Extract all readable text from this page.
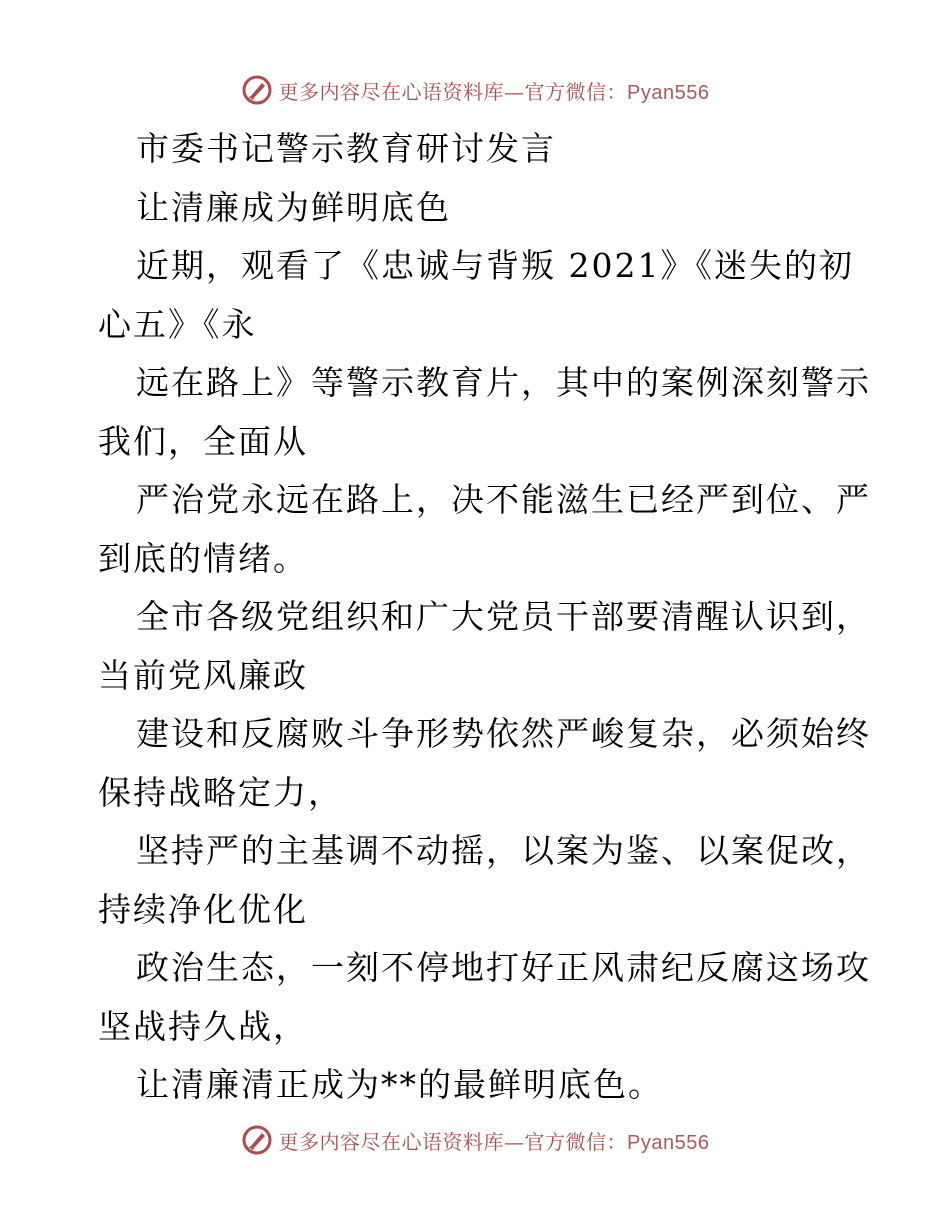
更多内容尽在心语资料库—官方微信：Pyan556
市委书记警示教育研讨发言
让清廉成为鲜明底色
近期，观看了《忠诚与背叛 2021》《迷失的初
心五》《永
远在路上》等警示教育片，其中的案例深刻警示
我们，全面从
严治党永远在路上，决不能滋生已经严到位、严
到底的情绪。
全市各级党组织和广大党员干部要清醒认识到，
当前党风廉政
建设和反腐败斗争形势依然严峻复杂，必须始终
保持战略定力，
坚持严的主基调不动摇，以案为鉴、以案促改，
持续净化优化
政治生态，一刻不停地打好正风肃纪反腐这场攻
坚战持久战，
让清廉清正成为**的最鲜明底色。
更多内容尽在心语资料库—官方微信：Pyan556
